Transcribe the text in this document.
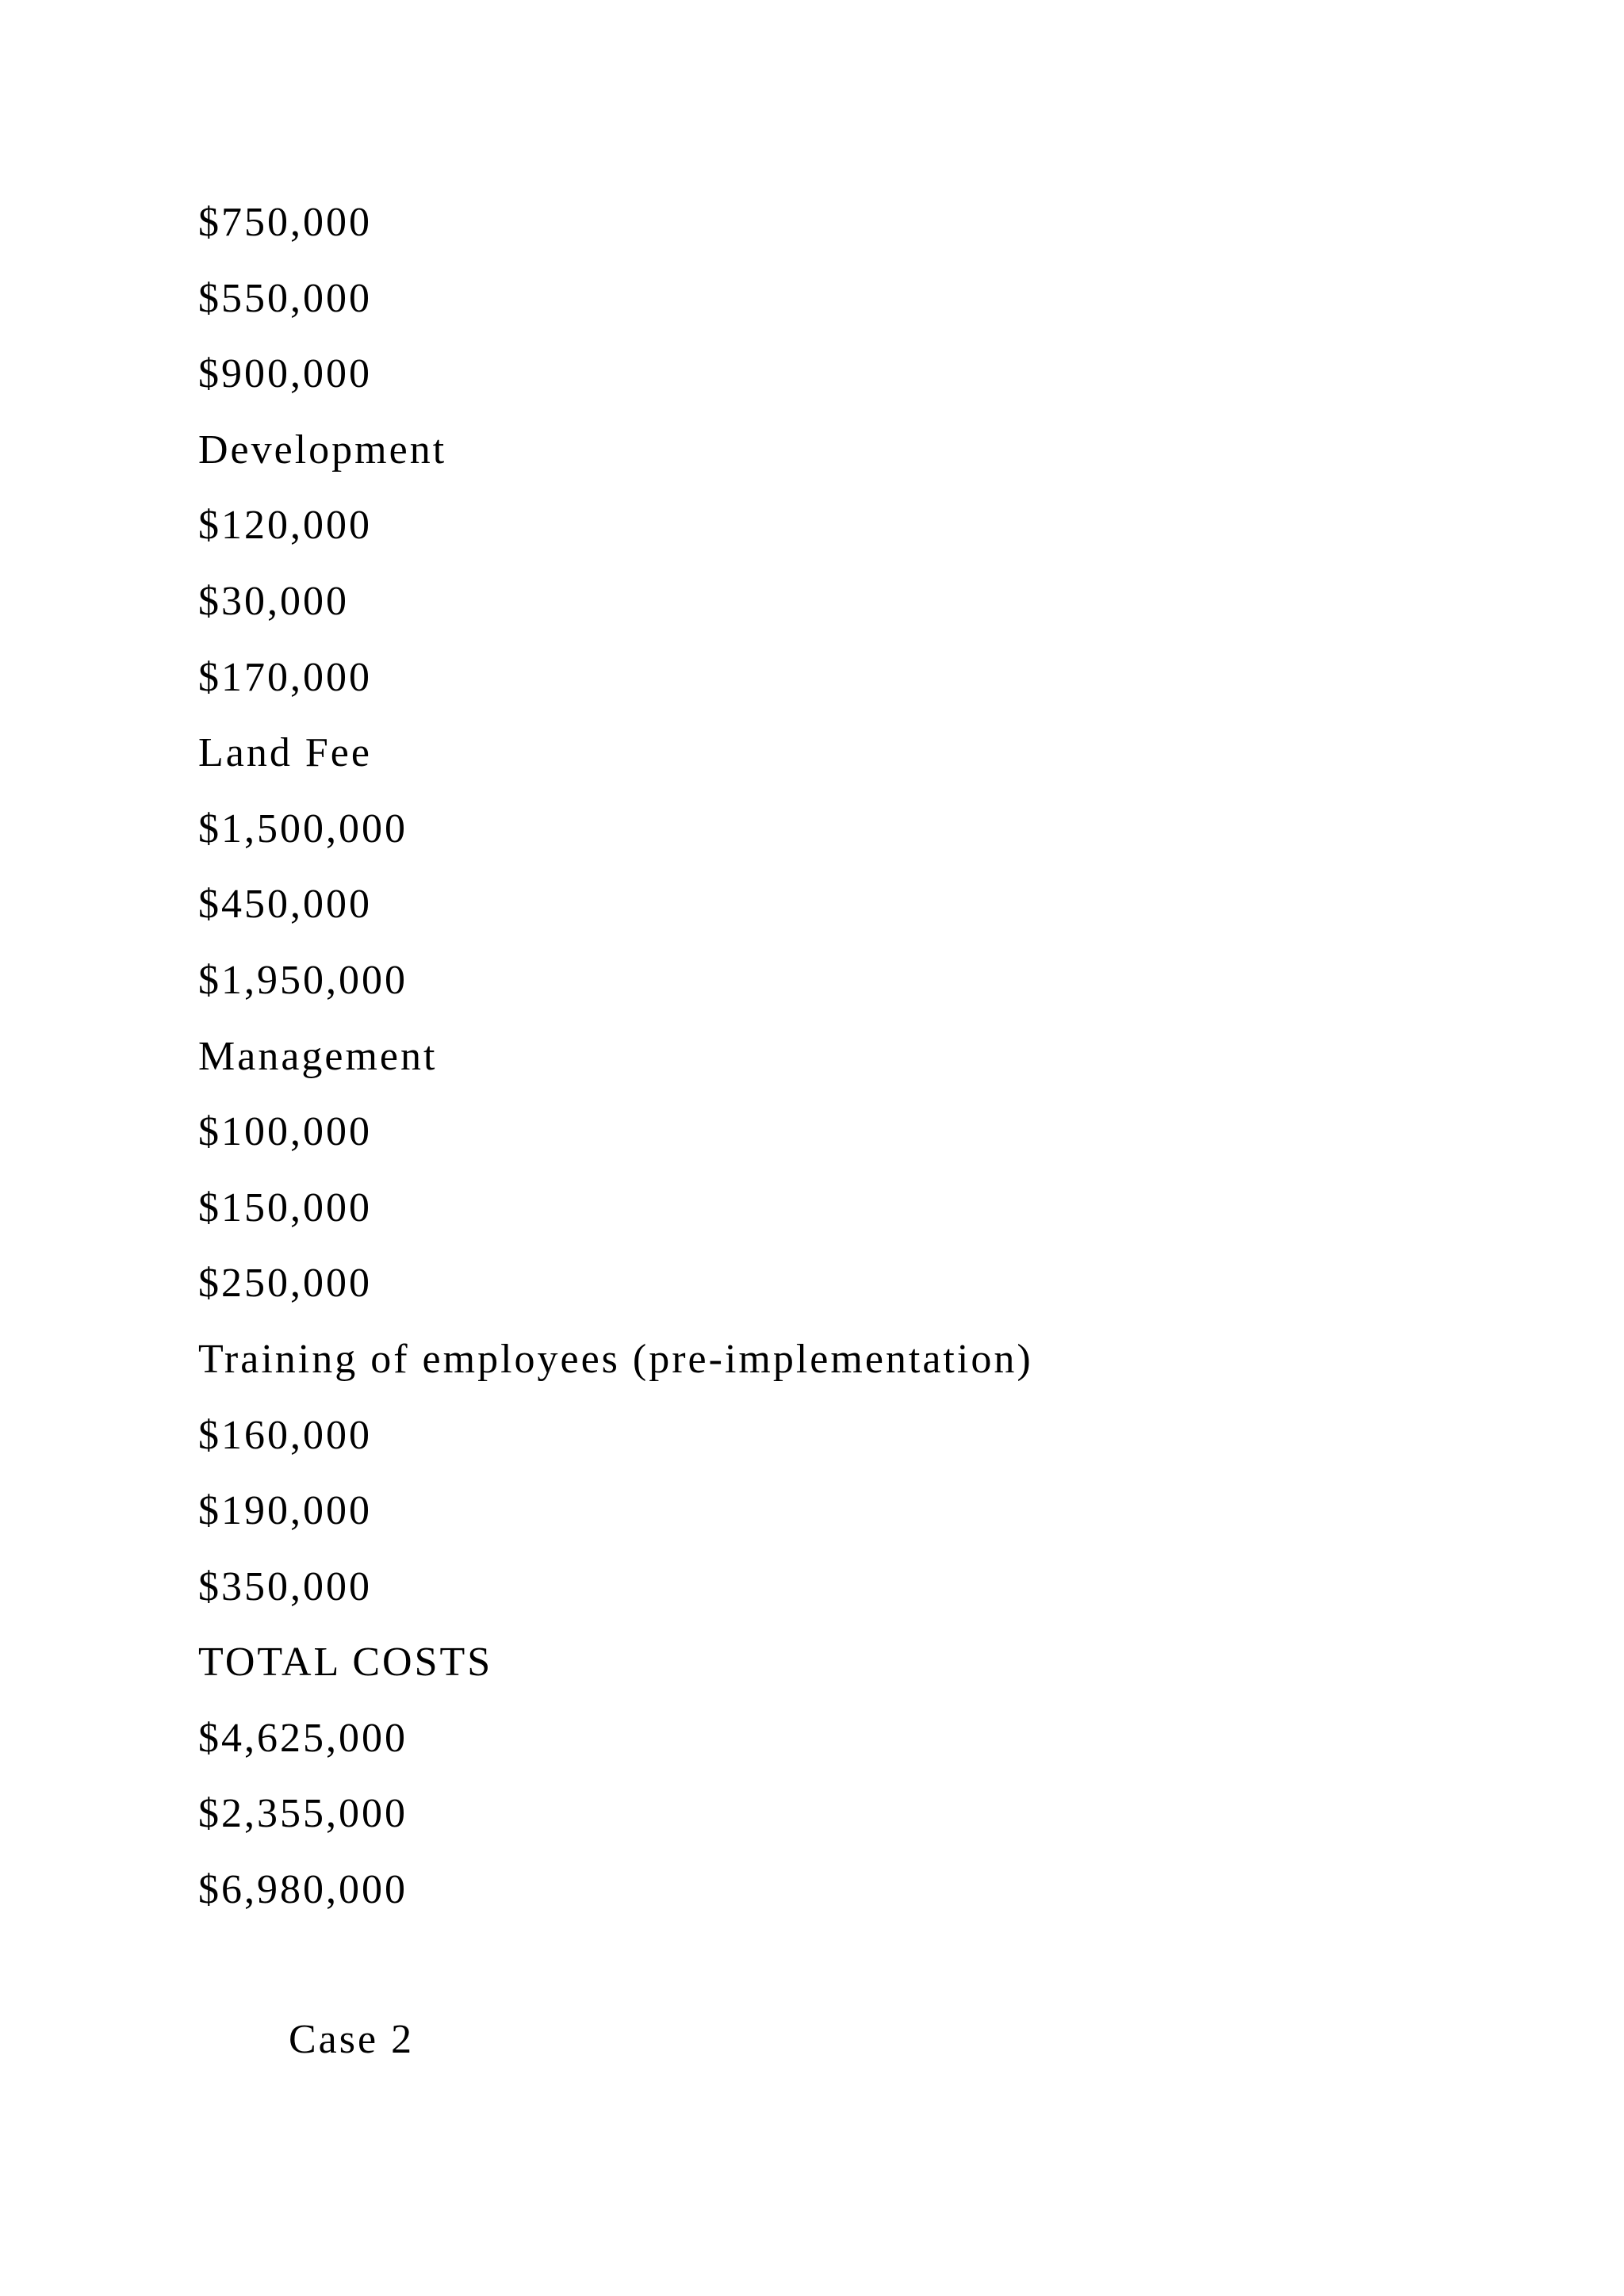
$750,000
$550,000
$900,000
Development
$120,000
$30,000
$170,000
Land Fee
$1,500,000
$450,000
$1,950,000
Management
$100,000
$150,000
$250,000
Training of employees (pre-implementation)
$160,000
$190,000
$350,000
TOTAL COSTS
$4,625,000
$2,355,000
$6,980,000
Case 2
